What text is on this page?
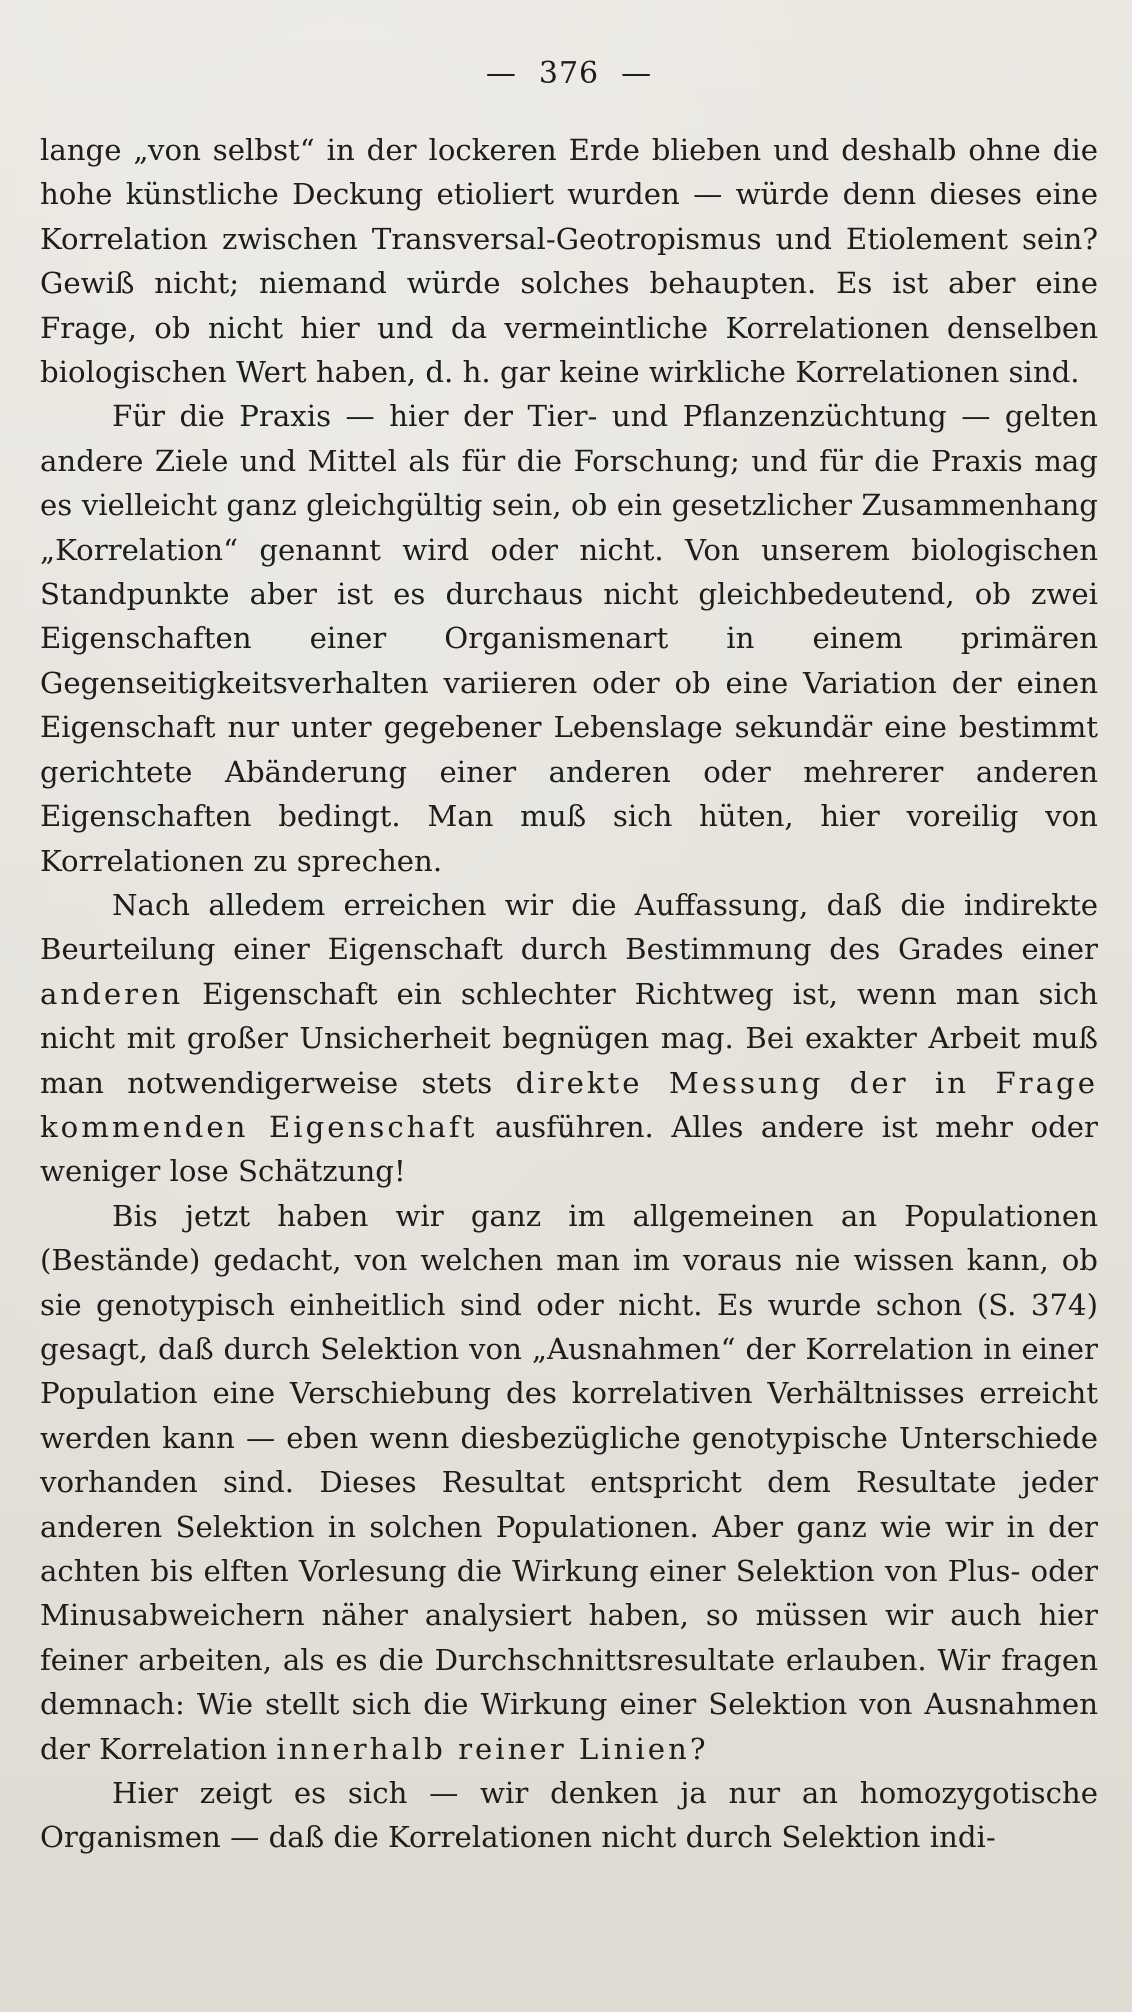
— 376 —

lange „von selbst“ in der lockeren Erde blieben und deshalb ohne die hohe künstliche Deckung etioliert wurden — würde denn dieses eine Korrelation zwischen Transversal-Geotropismus und Etiolement sein? Gewiß nicht; niemand würde solches behaupten. Es ist aber eine Frage, ob nicht hier und da vermeintliche Korrelationen denselben biologischen Wert haben, d. h. gar keine wirkliche Korrelationen sind.

Für die Praxis — hier der Tier- und Pflanzenzüchtung — gelten andere Ziele und Mittel als für die Forschung; und für die Praxis mag es vielleicht ganz gleichgültig sein, ob ein gesetzlicher Zusammenhang „Korrelation“ genannt wird oder nicht. Von unserem biologischen Standpunkte aber ist es durchaus nicht gleichbedeutend, ob zwei Eigenschaften einer Organismenart in einem primären Gegenseitigkeitsverhalten variieren oder ob eine Variation der einen Eigenschaft nur unter gegebener Lebenslage sekundär eine bestimmt gerichtete Abänderung einer anderen oder mehrerer anderen Eigenschaften bedingt. Man muß sich hüten, hier voreilig von Korrelationen zu sprechen.

Nach alledem erreichen wir die Auffassung, daß die indirekte Beurteilung einer Eigenschaft durch Bestimmung des Grades einer anderen Eigenschaft ein schlechter Richtweg ist, wenn man sich nicht mit großer Unsicherheit begnügen mag. Bei exakter Arbeit muß man notwendigerweise stets direkte Messung der in Frage kommenden Eigenschaft ausführen. Alles andere ist mehr oder weniger lose Schätzung!

Bis jetzt haben wir ganz im allgemeinen an Populationen (Bestände) gedacht, von welchen man im voraus nie wissen kann, ob sie genotypisch einheitlich sind oder nicht. Es wurde schon (S. 374) gesagt, daß durch Selektion von „Ausnahmen“ der Korrelation in einer Population eine Verschiebung des korrelativen Verhältnisses erreicht werden kann — eben wenn diesbezügliche genotypische Unterschiede vorhanden sind. Dieses Resultat entspricht dem Resultate jeder anderen Selektion in solchen Populationen. Aber ganz wie wir in der achten bis elften Vorlesung die Wirkung einer Selektion von Plus- oder Minusabweichern näher analysiert haben, so müssen wir auch hier feiner arbeiten, als es die Durchschnittsresultate erlauben. Wir fragen demnach: Wie stellt sich die Wirkung einer Selektion von Ausnahmen der Korrelation innerhalb reiner Linien?

Hier zeigt es sich — wir denken ja nur an homozygotische Organismen — daß die Korrelationen nicht durch Selektion indi-
